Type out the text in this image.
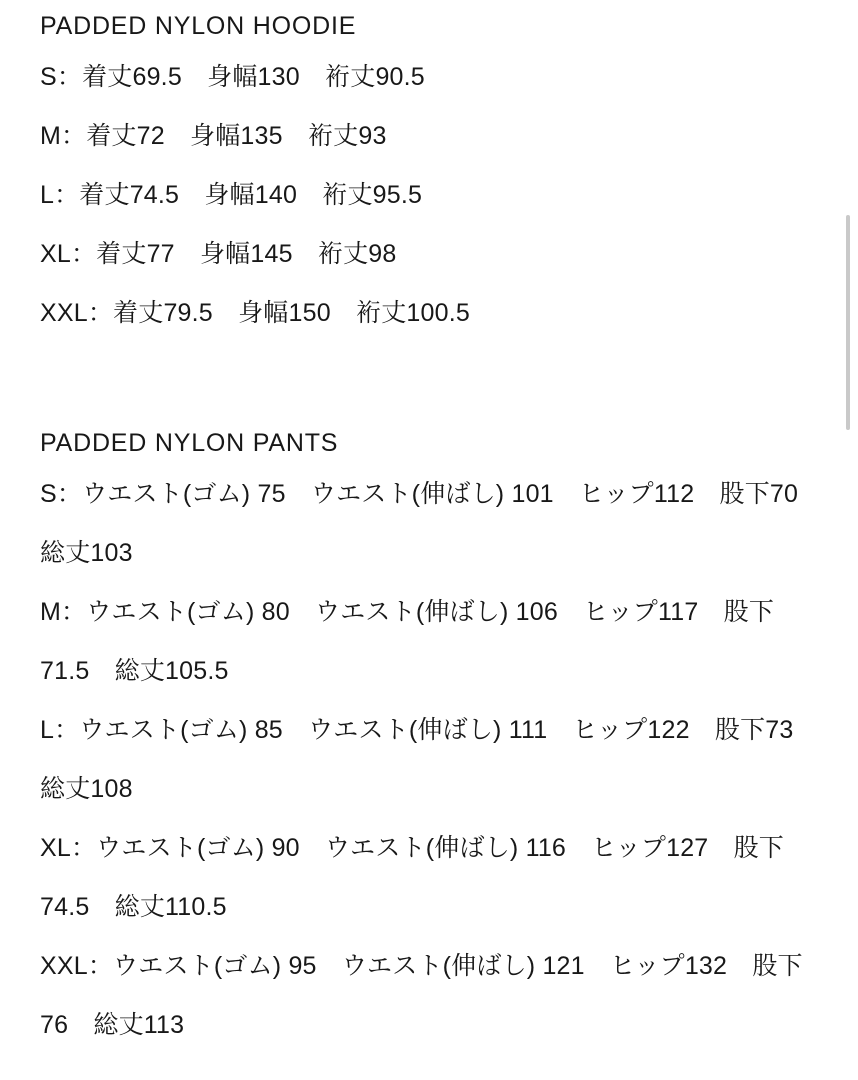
PADDED NYLON HOODIE
S：着丈69.5　身幅130　裄丈90.5
M：着丈72　身幅135　裄丈93
L：着丈74.5　身幅140　裄丈95.5
XL：着丈77　身幅145　裄丈98
XXL：着丈79.5　身幅150　裄丈100.5
PADDED NYLON PANTS
S：ウエスト(ゴム) 75　ウエスト(伸ばし) 101　ヒップ112　股下70　総丈103
M：ウエスト(ゴム) 80　ウエスト(伸ばし) 106　ヒップ117　股下71.5　総丈105.5
L：ウエスト(ゴム) 85　ウエスト(伸ばし) 111　ヒップ122　股下73　総丈108
XL：ウエスト(ゴム) 90　ウエスト(伸ばし) 116　ヒップ127　股下74.5　総丈110.5
XXL：ウエスト(ゴム) 95　ウエスト(伸ばし) 121　ヒップ132　股下76　総丈113
